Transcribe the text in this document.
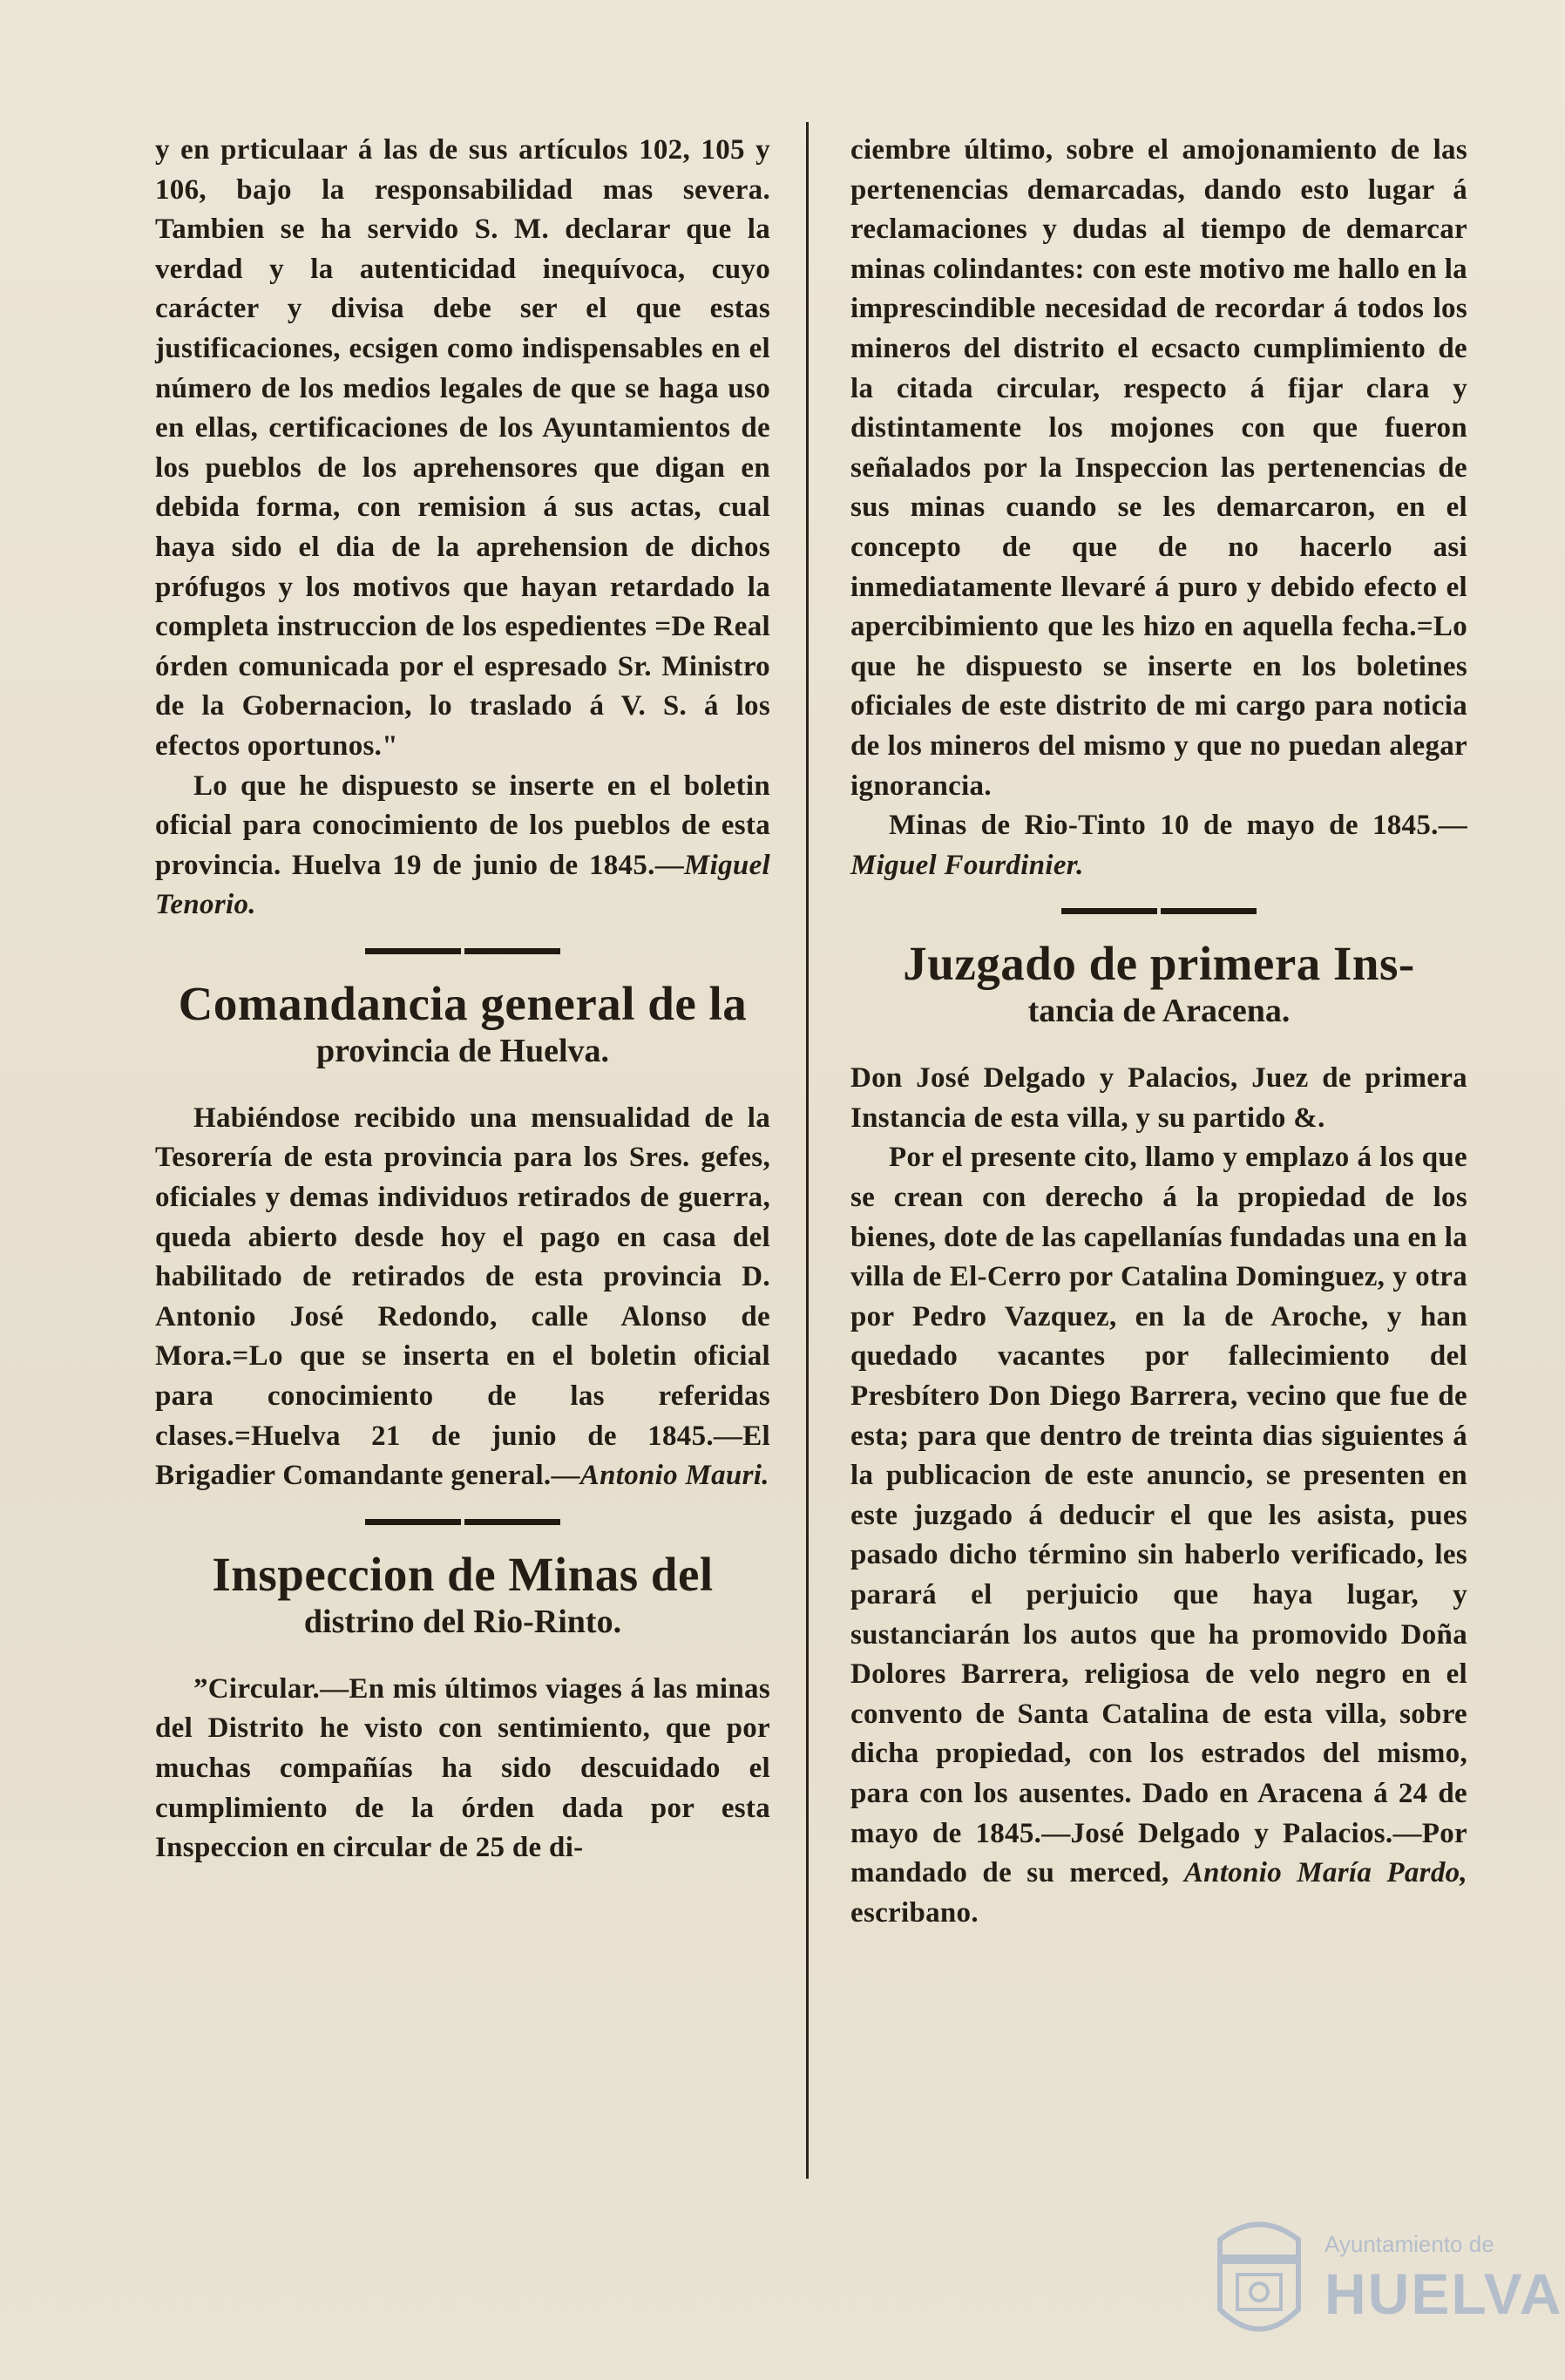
y en prticulaar á las de sus artículos 102, 105 y 106, bajo la responsabilidad mas severa. Tambien se ha servido S. M. declarar que la verdad y la autenticidad inequívoca, cuyo carácter y divisa debe ser el que estas justificaciones, ecsigen como indispensables en el número de los medios legales de que se haga uso en ellas, certificaciones de los Ayuntamientos de los pueblos de los aprehensores que digan en debida forma, con remision á sus actas, cual haya sido el dia de la aprehension de dichos prófugos y los motivos que hayan retardado la completa instruccion de los espedientes =De Real órden comunicada por el espresado Sr. Ministro de la Gobernacion, lo traslado á V. S. á los efectos oportunos."

Lo que he dispuesto se inserte en el boletin oficial para conocimiento de los pueblos de esta provincia. Huelva 19 de junio de 1845.—Miguel Tenorio.

Comandancia general de la
provincia de Huelva.

Habiéndose recibido una mensualidad de la Tesorería de esta provincia para los Sres. gefes, oficiales y demas individuos retirados de guerra, queda abierto desde hoy el pago en casa del habilitado de retirados de esta provincia D. Antonio José Redondo, calle Alonso de Mora.=Lo que se inserta en el boletin oficial para conocimiento de las referidas clases.=Huelva 21 de junio de 1845.—El Brigadier Comandante general.—Antonio Mauri.

Inspeccion de Minas del
distrino del Rio-Rinto.

”Circular.—En mis últimos viages á las minas del Distrito he visto con sentimiento, que por muchas compañías ha sido descuidado el cumplimiento de la órden dada por esta Inspeccion en circular de 25 de di-

ciembre último, sobre el amojonamiento de las pertenencias demarcadas, dando esto lugar á reclamaciones y dudas al tiempo de demarcar minas colindantes: con este motivo me hallo en la imprescindible necesidad de recordar á todos los mineros del distrito el ecsacto cumplimiento de la citada circular, respecto á fijar clara y distintamente los mojones con que fueron señalados por la Inspeccion las pertenencias de sus minas cuando se les demarcaron, en el concepto de que de no hacerlo asi inmediatamente llevaré á puro y debido efecto el apercibimiento que les hizo en aquella fecha.=Lo que he dispuesto se inserte en los boletines oficiales de este distrito de mi cargo para noticia de los mineros del mismo y que no puedan alegar ignorancia.

Minas de Rio-Tinto 10 de mayo de 1845.—Miguel Fourdinier.

Juzgado de primera Ins-
tancia de Aracena.

Don José Delgado y Palacios, Juez de primera Instancia de esta villa, y su partido &.

Por el presente cito, llamo y emplazo á los que se crean con derecho á la propiedad de los bienes, dote de las capellanías fundadas una en la villa de El-Cerro por Catalina Dominguez, y otra por Pedro Vazquez, en la de Aroche, y han quedado vacantes por fallecimiento del Presbítero Don Diego Barrera, vecino que fue de esta; para que dentro de treinta dias siguientes á la publicacion de este anuncio, se presenten en este juzgado á deducir el que les asista, pues pasado dicho término sin haberlo verificado, les parará el perjuicio que haya lugar, y sustanciarán los autos que ha promovido Doña Dolores Barrera, religiosa de velo negro en el convento de Santa Catalina de esta villa, sobre dicha propiedad, con los estrados del mismo, para con los ausentes. Dado en Aracena á 24 de mayo de 1845.—José Delgado y Palacios.—Por mandado de su merced, Antonio María Pardo, escribano.

Ayuntamiento de
HUELVA
